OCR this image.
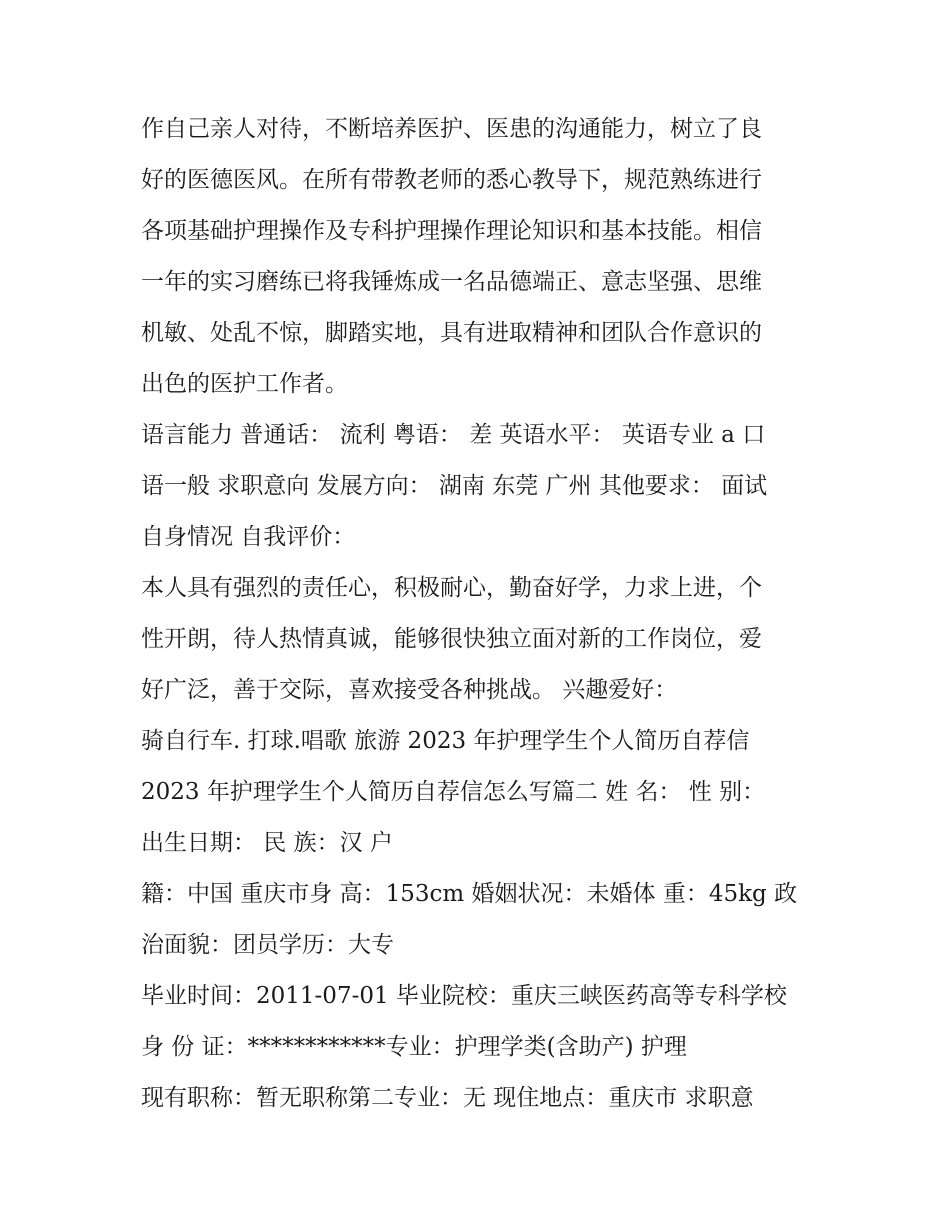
作自己亲人对待，不断培养医护、医患的沟通能力，树立了良
好的医德医风。在所有带教老师的悉心教导下，规范熟练进行
各项基础护理操作及专科护理操作理论知识和基本技能。相信
一年的实习磨练已将我锤炼成一名品德端正、意志坚强、思维
机敏、处乱不惊，脚踏实地，具有进取精神和团队合作意识的
出色的医护工作者。
语言能力 普通话： 流利 粤语： 差 英语水平： 英语专业 a 口
语一般 求职意向 发展方向： 湖南 东莞 广州 其他要求： 面试
自身情况 自我评价：
本人具有强烈的责任心，积极耐心，勤奋好学，力求上进，个
性开朗，待人热情真诚，能够很快独立面对新的工作岗位，爱
好广泛，善于交际，喜欢接受各种挑战。 兴趣爱好：
骑自行车. 打球.唱歌 旅游 2023 年护理学生个人简历自荐信
2023 年护理学生个人简历自荐信怎么写篇二 姓 名： 性 别：
出生日期： 民 族：汉 户
籍：中国 重庆市身 高：153cm 婚姻状况：未婚体 重：45kg 政
治面貌：团员学历：大专
毕业时间：2011-07-01 毕业院校：重庆三峡医药高等专科学校
身 份 证：************专业：护理学类(含助产) 护理
现有职称：暂无职称第二专业：无 现住地点：重庆市 求职意
